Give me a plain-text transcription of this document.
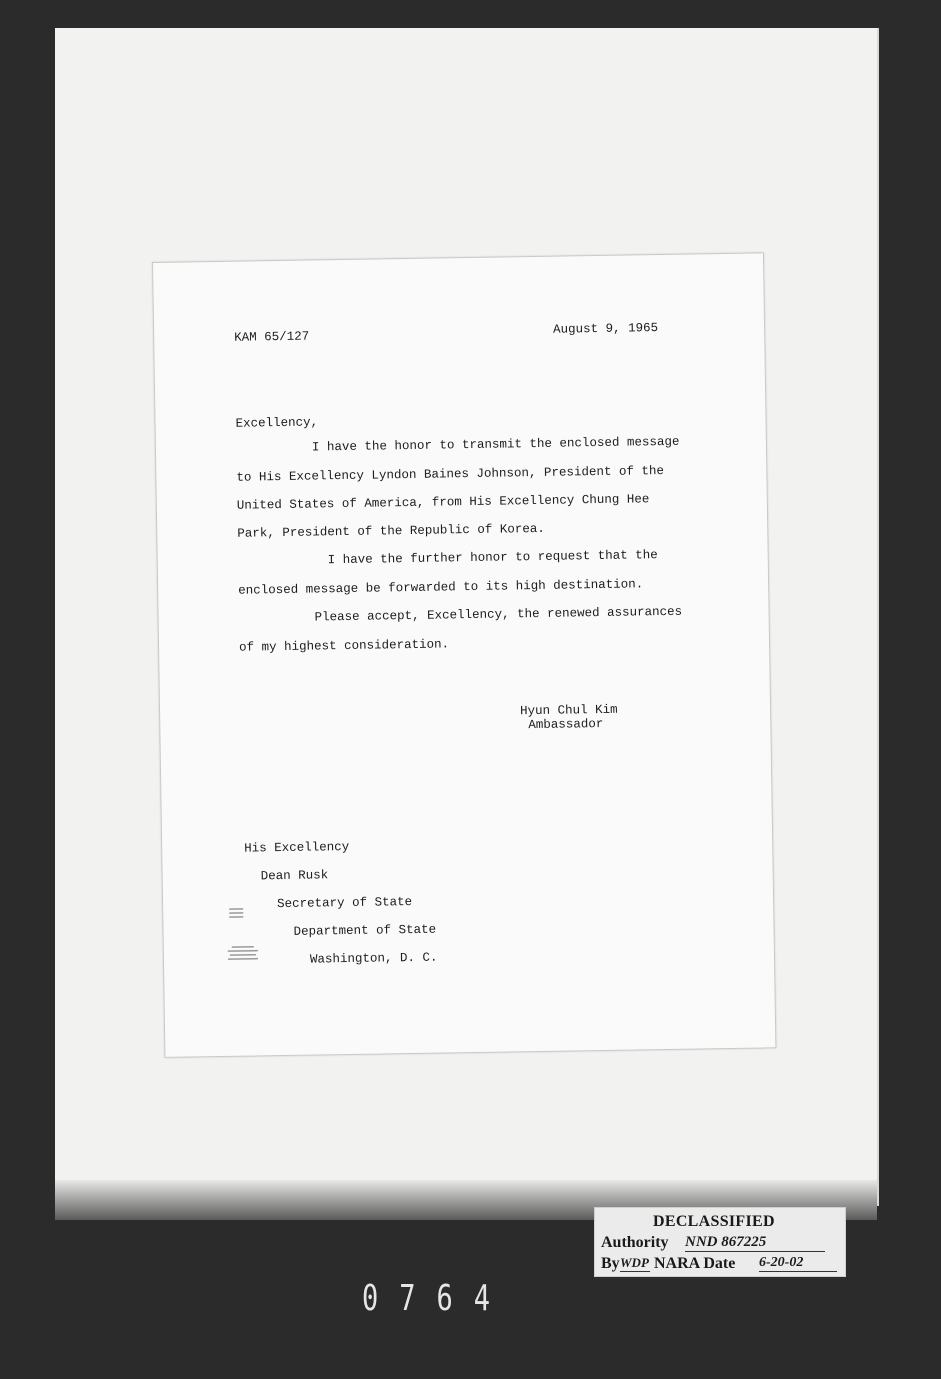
KAM 65/127
August 9, 1965
Excellency,
I have the honor to transmit the enclosed message
to His Excellency Lyndon Baines Johnson, President of the
United States of America, from His Excellency Chung Hee
Park, President of the Republic of Korea.
I have the further honor to request that the
enclosed message be forwarded to its high destination.
Please accept, Excellency, the renewed assurances
of my highest consideration.
Hyun Chul Kim
Ambassador
His Excellency
Dean Rusk
Secretary of State
Department of State
Washington, D. C.
DECLASSIFIED
Authority NND 867225
By WDP NARA Date 6-20-02
0764
